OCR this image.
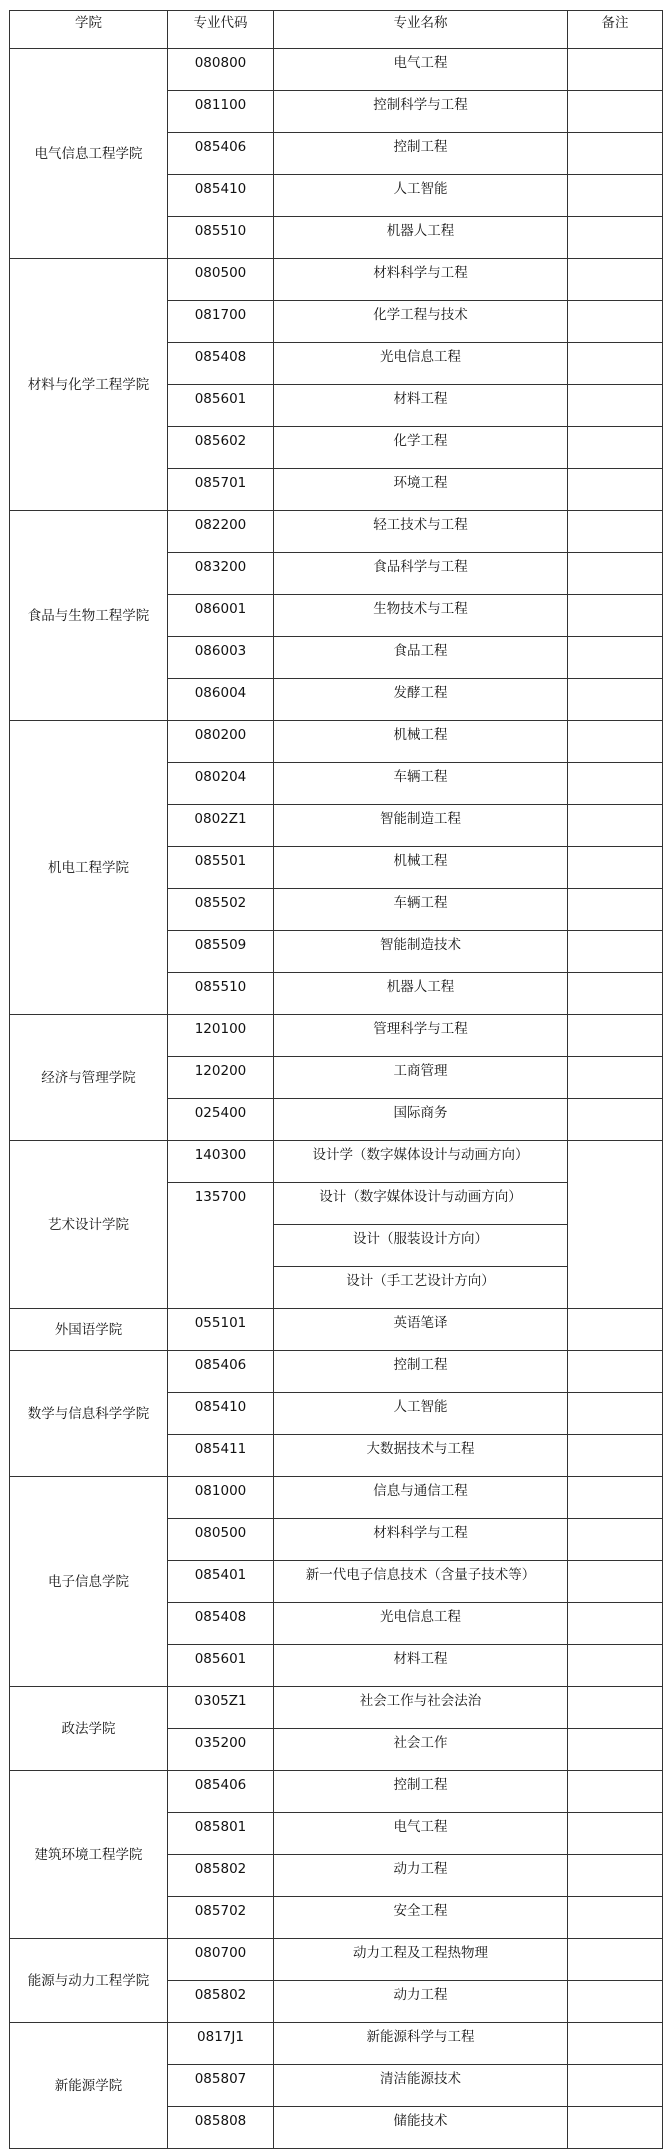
学院	专业代码	专业名称	备注
电气信息工程学院	080800	电气工程	
	081100	控制科学与工程	
	085406	控制工程	
	085410	人工智能	
	085510	机器人工程	
材料与化学工程学院	080500	材料科学与工程	
	081700	化学工程与技术	
	085408	光电信息工程	
	085601	材料工程	
	085602	化学工程	
	085701	环境工程	
食品与生物工程学院	082200	轻工技术与工程	
	083200	食品科学与工程	
	086001	生物技术与工程	
	086003	食品工程	
	086004	发酵工程	
机电工程学院	080200	机械工程	
	080204	车辆工程	
	0802Z1	智能制造工程	
	085501	机械工程	
	085502	车辆工程	
	085509	智能制造技术	
	085510	机器人工程	
经济与管理学院	120100	管理科学与工程	
	120200	工商管理	
	025400	国际商务	
艺术设计学院	140300	设计学（数字媒体设计与动画方向）	
	135700	设计（数字媒体设计与动画方向）	
		设计（服装设计方向）	
		设计（手工艺设计方向）	
外国语学院	055101	英语笔译	
数学与信息科学学院	085406	控制工程	
	085410	人工智能	
	085411	大数据技术与工程	
电子信息学院	081000	信息与通信工程	
	080500	材料科学与工程	
	085401	新一代电子信息技术（含量子技术等）	
	085408	光电信息工程	
	085601	材料工程	
政法学院	0305Z1	社会工作与社会法治	
	035200	社会工作	
建筑环境工程学院	085406	控制工程	
	085801	电气工程	
	085802	动力工程	
	085702	安全工程	
能源与动力工程学院	080700	动力工程及工程热物理	
	085802	动力工程	
新能源学院	0817J1	新能源科学与工程	
	085807	清洁能源技术	
	085808	储能技术	
